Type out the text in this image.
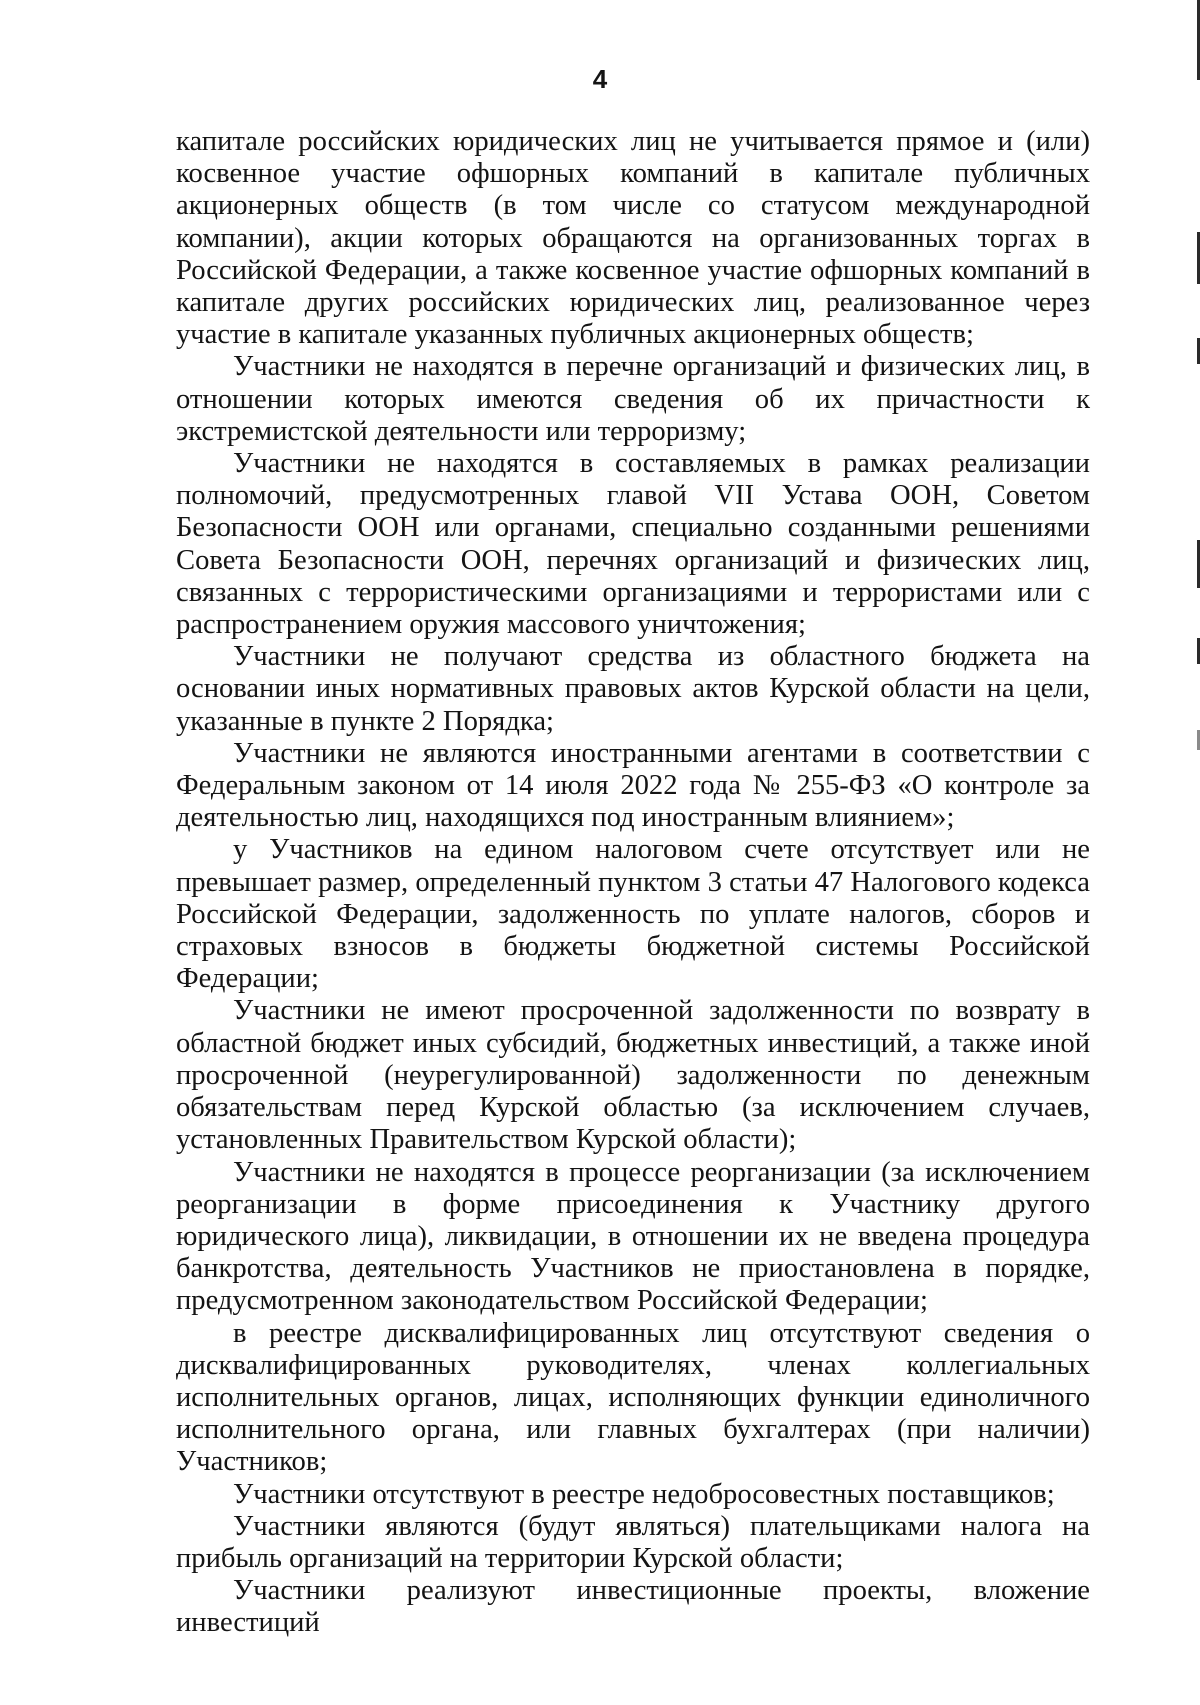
4

капитале российских юридических лиц не учитывается прямое и (или) косвенное участие офшорных компаний в капитале публичных акционерных обществ (в том числе со статусом международной компании), акции которых обращаются на организованных торгах в Российской Федерации, а также косвенное участие офшорных компаний в капитале других российских юридических лиц, реализованное через участие в капитале указанных публичных акционерных обществ;

Участники не находятся в перечне организаций и физических лиц, в отношении которых имеются сведения об их причастности к экстремистской деятельности или терроризму;

Участники не находятся в составляемых в рамках реализации полномочий, предусмотренных главой VII Устава ООН, Советом Безопасности ООН или органами, специально созданными решениями Совета Безопасности ООН, перечнях организаций и физических лиц, связанных с террористическими организациями и террористами или с распространением оружия массового уничтожения;

Участники не получают средства из областного бюджета на основании иных нормативных правовых актов Курской области на цели, указанные в пункте 2 Порядка;

Участники не являются иностранными агентами в соответствии с Федеральным законом от 14 июля 2022 года № 255-ФЗ «О контроле за деятельностью лиц, находящихся под иностранным влиянием»;

у Участников на едином налоговом счете отсутствует или не превышает размер, определенный пунктом 3 статьи 47 Налогового кодекса Российской Федерации, задолженность по уплате налогов, сборов и страховых взносов в бюджеты бюджетной системы Российской Федерации;

Участники не имеют просроченной задолженности по возврату в областной бюджет иных субсидий, бюджетных инвестиций, а также иной просроченной (неурегулированной) задолженности по денежным обязательствам перед Курской областью (за исключением случаев, установленных Правительством Курской области);

Участники не находятся в процессе реорганизации (за исключением реорганизации в форме присоединения к Участнику другого юридического лица), ликвидации, в отношении их не введена процедура банкротства, деятельность Участников не приостановлена в порядке, предусмотренном законодательством Российской Федерации;

в реестре дисквалифицированных лиц отсутствуют сведения о дисквалифицированных руководителях, членах коллегиальных исполнительных органов, лицах, исполняющих функции единоличного исполнительного органа, или главных бухгалтерах (при наличии) Участников;

Участники отсутствуют в реестре недобросовестных поставщиков;

Участники являются (будут являться) плательщиками налога на прибыль организаций на территории Курской области;

Участники реализуют инвестиционные проекты, вложение инвестиций
